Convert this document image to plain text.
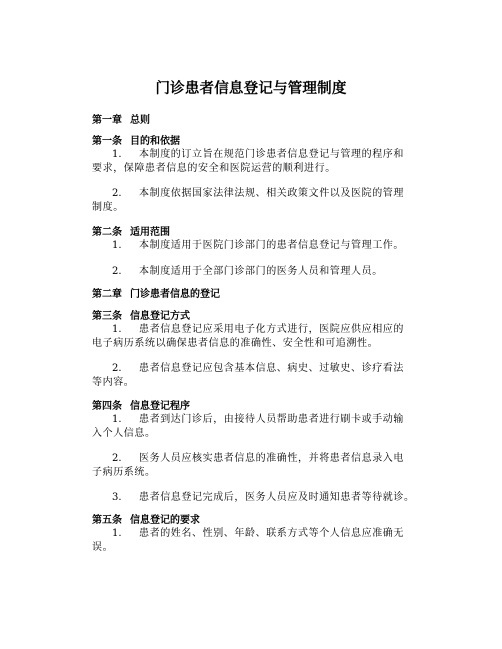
门诊患者信息登记与管理制度
第一章 总则
第一条 目的和依据
1. 本制度的订立旨在规范门诊患者信息登记与管理的程序和
要求，保障患者信息的安全和医院运营的顺利进行。
2. 本制度依据国家法律法规、相关政策文件以及医院的管理
制度。
第二条 适用范围
1. 本制度适用于医院门诊部门的患者信息登记与管理工作。
2. 本制度适用于全部门诊部门的医务人员和管理人员。
第二章 门诊患者信息的登记
第三条 信息登记方式
1. 患者信息登记应采用电子化方式进行，医院应供应相应的
电子病历系统以确保患者信息的准确性、安全性和可追溯性。
2. 患者信息登记应包含基本信息、病史、过敏史、诊疗看法
等内容。
第四条 信息登记程序
1. 患者到达门诊后，由接待人员帮助患者进行刷卡或手动输
入个人信息。
2. 医务人员应核实患者信息的准确性，并将患者信息录入电
子病历系统。
3. 患者信息登记完成后，医务人员应及时通知患者等待就诊。
第五条 信息登记的要求
1. 患者的姓名、性别、年龄、联系方式等个人信息应准确无
误。
